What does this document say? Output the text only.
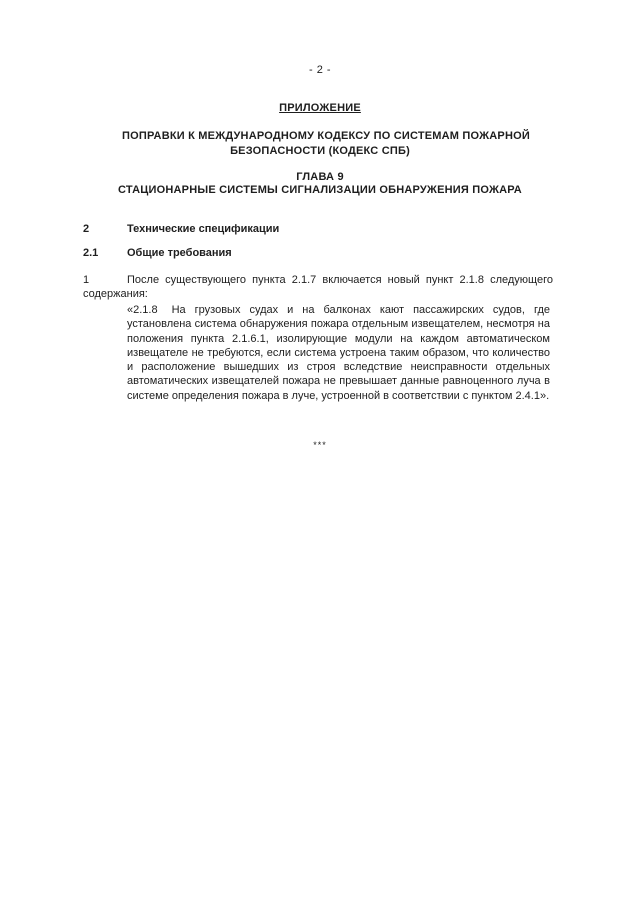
- 2 -
ПРИЛОЖЕНИЕ
ПОПРАВКИ К МЕЖДУНАРОДНОМУ КОДЕКСУ ПО СИСТЕМАМ ПОЖАРНОЙ
БЕЗОПАСНОСТИ (КОДЕКС СПБ)
ГЛАВА 9
СТАЦИОНАРНЫЕ СИСТЕМЫ СИГНАЛИЗАЦИИ ОБНАРУЖЕНИЯ ПОЖАРА
2	Технические спецификации
2.1	Общие требования
1	После существующего пункта 2.1.7 включается новый пункт 2.1.8 следующего содержания:

«2.1.8 На грузовых судах и на балконах кают пассажирских судов, где установлена система обнаружения пожара отдельным извещателем, несмотря на положения пункта 2.1.6.1, изолирующие модули на каждом автоматическом извещателе не требуются, если система устроена таким образом, что количество и расположение вышедших из строя вследствие неисправности отдельных автоматических извещателей пожара не превышает данные равноценного луча в системе определения пожара в луче, устроенной в соответствии с пунктом 2.4.1».

***
